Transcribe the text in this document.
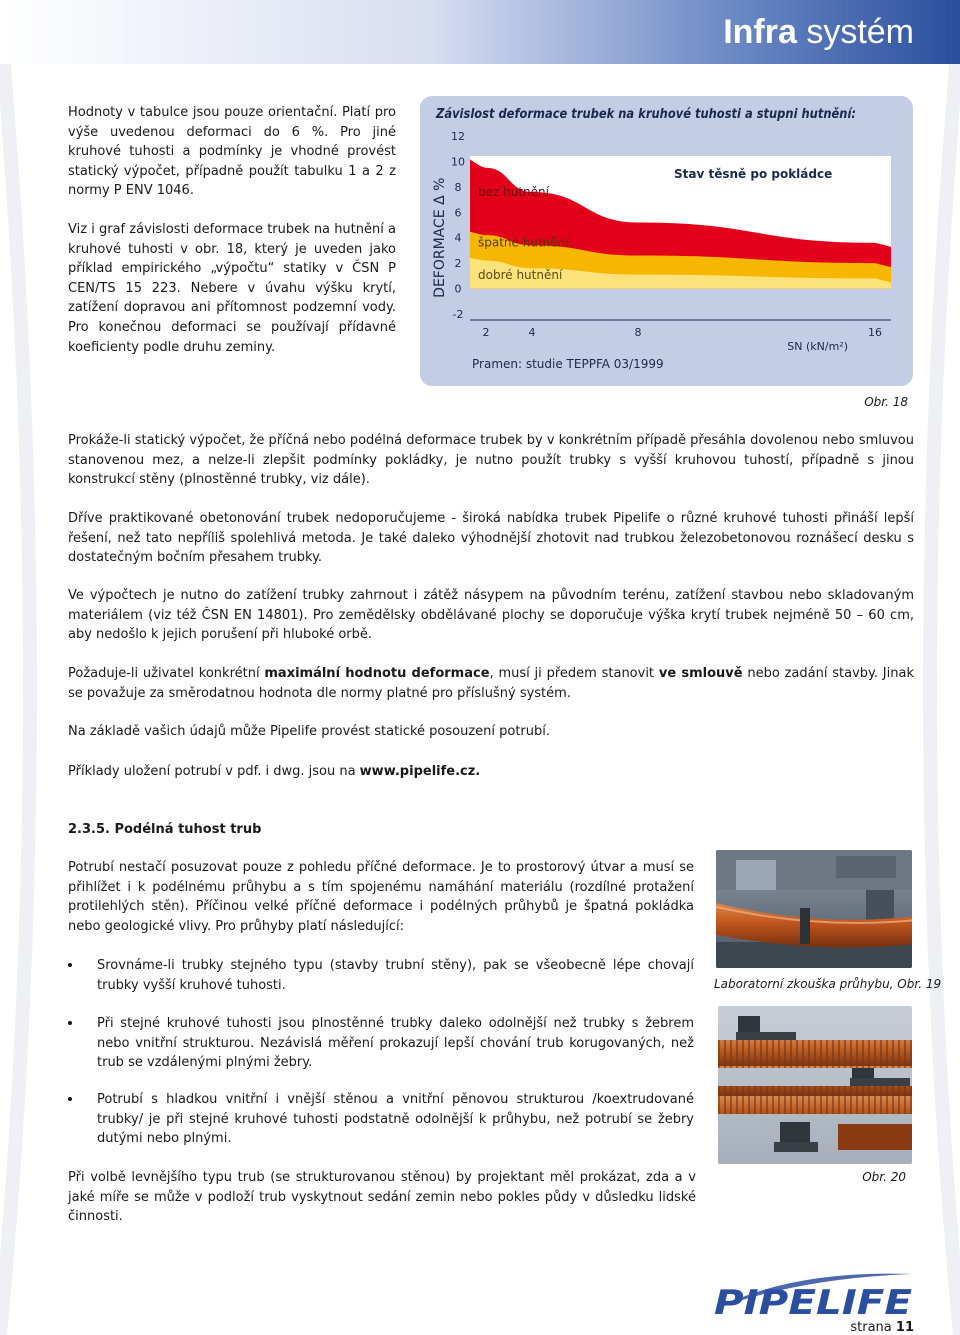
Infra systém
Hodnoty v tabulce jsou pouze orientační. Platí pro výše uvedenou deformaci do 6 %. Pro jiné kruhové tuhosti a podmínky je vhodné provést statický výpočet, případně použít tabulku 1 a 2 z normy P ENV 1046.
Viz i graf závislosti deformace trubek na hutnění a kruhové tuhosti v obr. 18, který je uveden jako příklad empirického „výpočtu“ statiky v ČSN P CEN/TS 15 223. Nebere v úvahu výšku krytí, zatížení dopravou ani přítomnost podzemní vody. Pro konečnou deformaci se používají přídavné koeficienty podle druhu zeminy.
Závislost deformace trubek na kruhové tuhosti a stupni hutnění:
bez hutnění
špatné hutnění
dobré hutnění
Stav těsně po pokládce
DEFORMACE Δ %
12
10
8
6
4
2
0
-2
2	4	8	16
SN (kN/m²)
Pramen: studie TEPPFA 03/1999
Obr. 18
Prokáže-li statický výpočet, že příčná nebo podélná deformace trubek by v konkrétním případě přesáhla dovolenou nebo smluvou stanovenou mez, a nelze-li zlepšit podmínky pokládky, je nutno použít trubky s vyšší kruhovou tuhostí, případně s jinou konstrukcí stěny (plnostěnné trubky, viz dále).
Dříve praktikované obetonování trubek nedoporučujeme - široká nabídka trubek Pipelife o různé kruhové tuhosti přináší lepší řešení, než tato nepříliš spolehlivá metoda. Je také daleko výhodnější zhotovit nad trubkou železobetonovou roznášecí desku s dostatečným bočním přesahem trubky.
Ve výpočtech je nutno do zatížení trubky zahrnout i zátěž násypem na původním terénu, zatížení stavbou nebo skladovaným materiálem (viz též ČSN EN 14801). Pro zemědělsky obdělávané plochy se doporučuje výška krytí trubek nejméně 50 – 60 cm, aby nedošlo k jejich porušení při hluboké orbě.
Požaduje-li uživatel konkrétní maximální hodnotu deformace, musí ji předem stanovit ve smlouvě nebo zadání stavby. Jinak se považuje za směrodatnou hodnota dle normy platné pro příslušný systém.
Na základě vašich údajů může Pipelife provést statické posouzení potrubí.
Příklady uložení potrubí v pdf. i dwg. jsou na www.pipelife.cz.
2.3.5. Podélná tuhost trub
Potrubí nestačí posuzovat pouze z pohledu příčné deformace. Je to prostorový útvar a musí se přihlížet i k podélnému průhybu a s tím spojenému namáhání materiálu (rozdílné protažení protilehlých stěn). Příčinou velké příčné deformace i podélných průhybů je špatná pokládka nebo geologické vlivy. Pro průhyby platí následující:
Srovnáme-li trubky stejného typu (stavby trubní stěny), pak se všeobecně lépe chovají trubky vyšší kruhové tuhosti.
Při stejné kruhové tuhosti jsou plnostěnné trubky daleko odolnější než trubky s žebrem nebo vnitřní strukturou. Nezávislá měření prokazují lepší chování trub korugovaných, než trub se vzdálenými plnými žebry.
Potrubí s hladkou vnitřní i vnější stěnou a vnitřní pěnovou strukturou /koextrudované trubky/ je při stejné kruhové tuhosti podstatně odolnější k průhybu, než potrubí se žebry dutými nebo plnými.
Při volbě levnějšího typu trub (se strukturovanou stěnou) by projektant měl prokázat, zda a v jaké míře se může v podloží trub vyskytnout sedání zemin nebo pokles půdy v důsledku lidské činnosti.
Laboratorní zkouška průhybu, Obr. 19
Obr. 20
PIPELIFE
strana 11
